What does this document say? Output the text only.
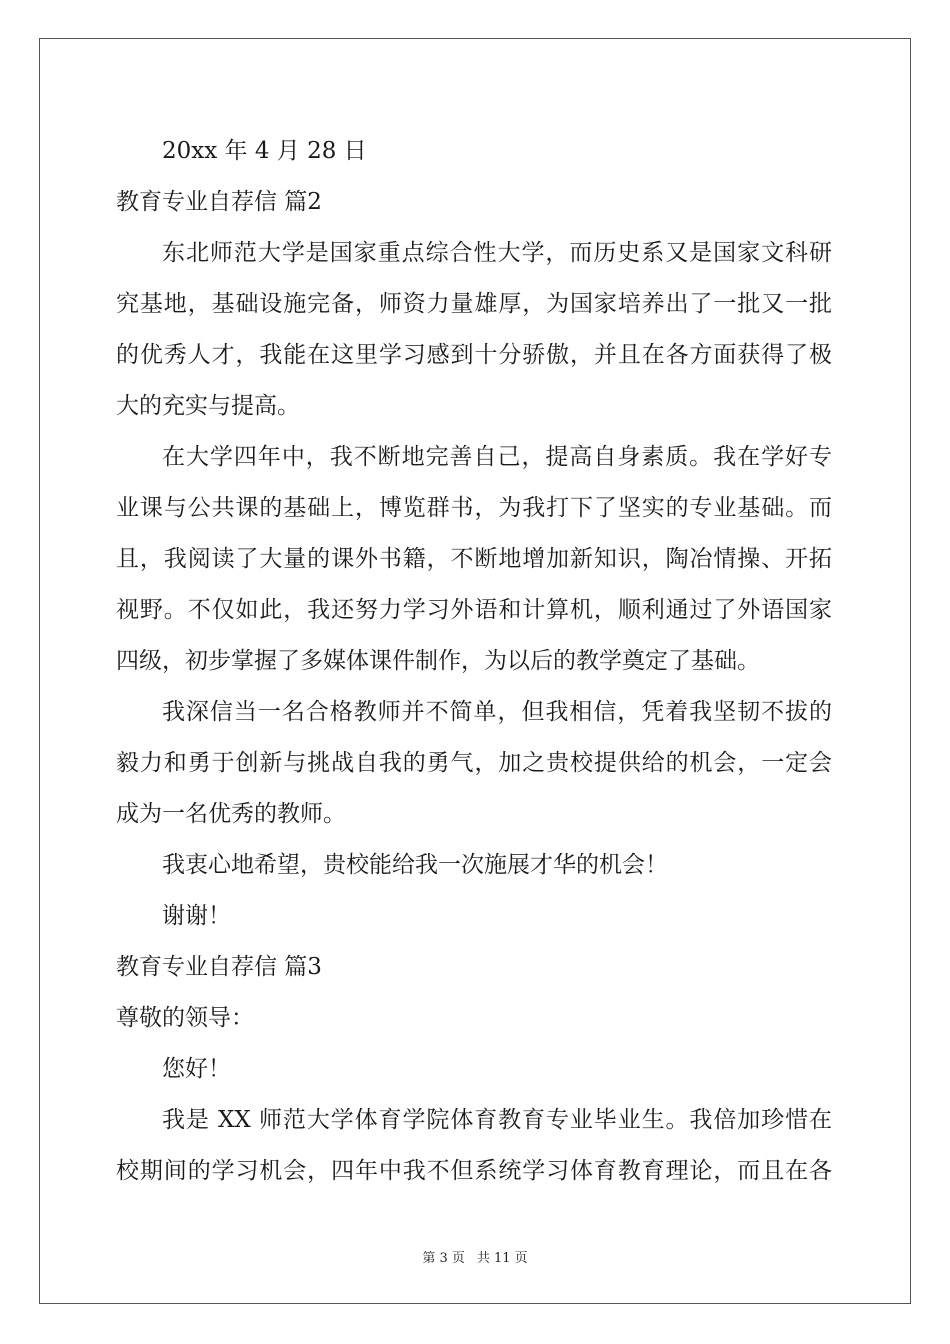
20xx 年 4 月 28 日
教育专业自荐信 篇2
东北师范大学是国家重点综合性大学，而历史系又是国家文科研
究基地，基础设施完备，师资力量雄厚，为国家培养出了一批又一批
的优秀人才，我能在这里学习感到十分骄傲，并且在各方面获得了极
大的充实与提高。
在大学四年中，我不断地完善自己，提高自身素质。我在学好专
业课与公共课的基础上，博览群书，为我打下了坚实的专业基础。而
且，我阅读了大量的课外书籍，不断地增加新知识，陶冶情操、开拓
视野。不仅如此，我还努力学习外语和计算机，顺利通过了外语国家
四级，初步掌握了多媒体课件制作，为以后的教学奠定了基础。
我深信当一名合格教师并不简单，但我相信，凭着我坚韧不拔的
毅力和勇于创新与挑战自我的勇气，加之贵校提供给的机会，一定会
成为一名优秀的教师。
我衷心地希望，贵校能给我一次施展才华的机会！
谢谢！
教育专业自荐信 篇3
尊敬的领导：
您好！
我是 XX 师范大学体育学院体育教育专业毕业生。我倍加珍惜在
校期间的学习机会，四年中我不但系统学习体育教育理论，而且在各
第 3 页 共 11 页
